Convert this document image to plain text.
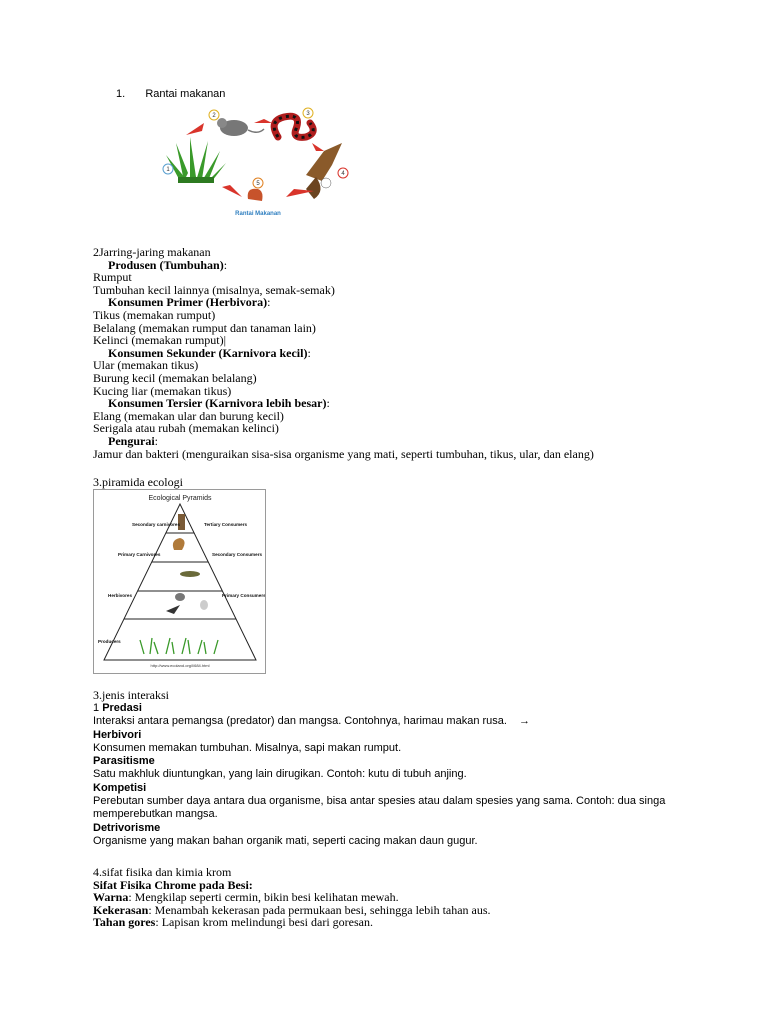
1. Rantai makanan
1
2	3
4
5
Rantai Makanan
2Jarring-jaring makanan
Produsen (Tumbuhan):
Rumput
Tumbuhan kecil lainnya (misalnya, semak-semak)
Konsumen Primer (Herbivora):
Tikus (memakan rumput)
Belalang (memakan rumput dan tanaman lain)
Kelinci (memakan rumput)|
Konsumen Sekunder (Karnivora kecil):
Ular (memakan tikus)
Burung kecil (memakan belalang)
Kucing liar (memakan tikus)
Konsumen Tersier (Karnivora lebih besar):
Elang (memakan ular dan burung kecil)
Serigala atau rubah (memakan kelinci)
Pengurai:
Jamur dan bakteri (menguraikan sisa-sisa organisme yang mati, seperti tumbuhan, tikus, ular, dan elang)
3.piramida ecologi
Ecological Pyramids
Secondary carnivores
Primary Carnivores
Herbivores
Producers
Tertiary Consumers
Secondary Consumers
Primary Consumers
http://www.ecoland.org/l/684.html
3.jenis interaksi
1 Predasi
Interaksi antara pemangsa (predator) dan mangsa. Contohnya, harimau makan rusa. →
Herbivori
Konsumen memakan tumbuhan. Misalnya, sapi makan rumput.
Parasitisme
Satu makhluk diuntungkan, yang lain dirugikan. Contoh: kutu di tubuh anjing.
Kompetisi
Perebutan sumber daya antara dua organisme, bisa antar spesies atau dalam spesies yang sama. Contoh: dua singa
memperebutkan mangsa.
Detrivorisme
Organisme yang makan bahan organik mati, seperti cacing makan daun gugur.
4.sifat fisika dan kimia krom
Sifat Fisika Chrome pada Besi:
Warna: Mengkilap seperti cermin, bikin besi kelihatan mewah.
Kekerasan: Menambah kekerasan pada permukaan besi, sehingga lebih tahan aus.
Tahan gores: Lapisan krom melindungi besi dari goresan.
